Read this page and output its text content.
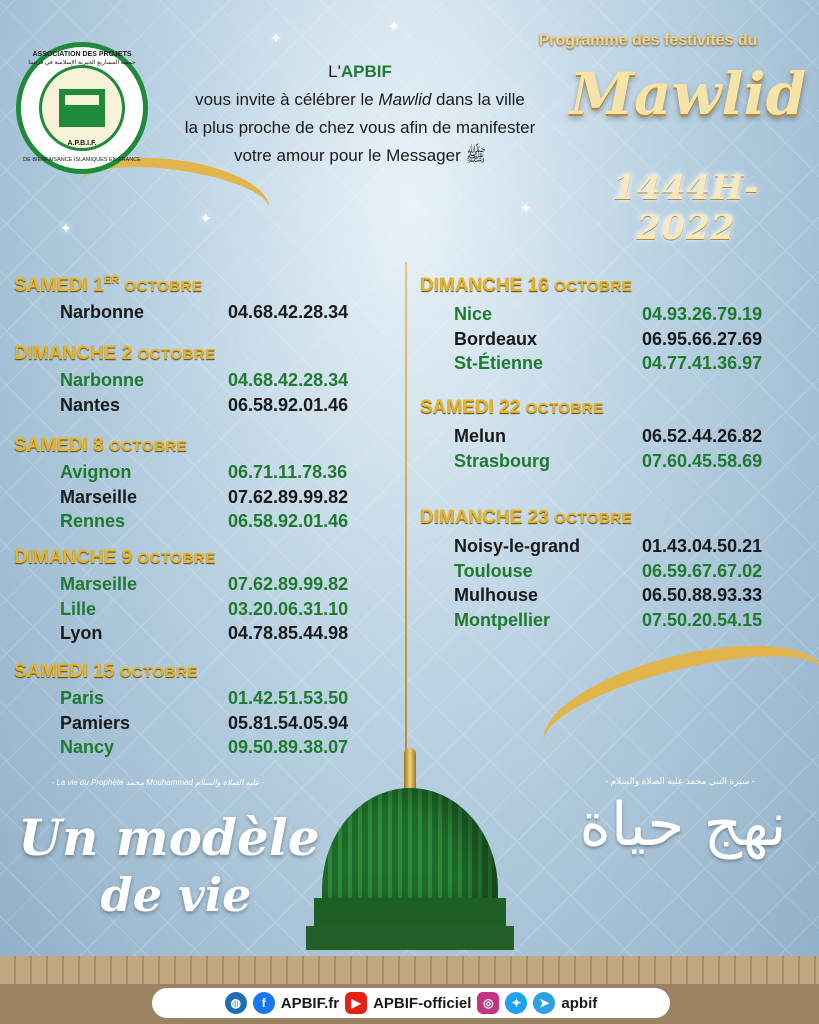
✦
✦
✦
✦
✦
ASSOCIATION DES PROJETS
A.P.B.I.F.
DE BIENFAISANCE ISLAMIQUES EN FRANCE
جمعية المشاريع الخيرية الإسلامية في فرنسا	L'APBIF
vous invite à célébrer le Mawlid dans la ville
la plus proche de chez vous afin de manifester
votre amour pour le Messager ﷺ
Programme des festivités du
Mawlid
1444H-2022
SAMEDI 1ER OCTOBRE
Narbonne	04.68.42.28.34
DIMANCHE 2 OCTOBRE
Narbonne	04.68.42.28.34
Nantes	06.58.92.01.46
SAMEDI 8 OCTOBRE
Avignon	06.71.11.78.36
Marseille	07.62.89.99.82
Rennes	06.58.92.01.46
DIMANCHE 9 OCTOBRE
Marseille	07.62.89.99.82
Lille	03.20.06.31.10
Lyon	04.78.85.44.98
SAMEDI 15 OCTOBRE
Paris	01.42.51.53.50
Pamiers	05.81.54.05.94
Nancy	09.50.89.38.07
DIMANCHE 16 OCTOBRE
Nice	04.93.26.79.19
Bordeaux	06.95.66.27.69
St-Étienne	04.77.41.36.97
SAMEDI 22 OCTOBRE
Melun	06.52.44.26.82
Strasbourg	07.60.45.58.69
DIMANCHE 23 OCTOBRE
Noisy-le-grand	01.43.04.50.21
Toulouse	06.59.67.67.02
Mulhouse	06.50.88.93.33
Montpellier	07.50.20.54.15
- La vie du Prophète محمد Mouhammad عليه الصلاة والسلام -
Un modèle
de vie
- سيرة النبي محمد عليه الصلاة والسلام -
نهج حياة
◍	f	APBIF.fr	▶ APBIF-officiel ◎	✦	➤ apbif
